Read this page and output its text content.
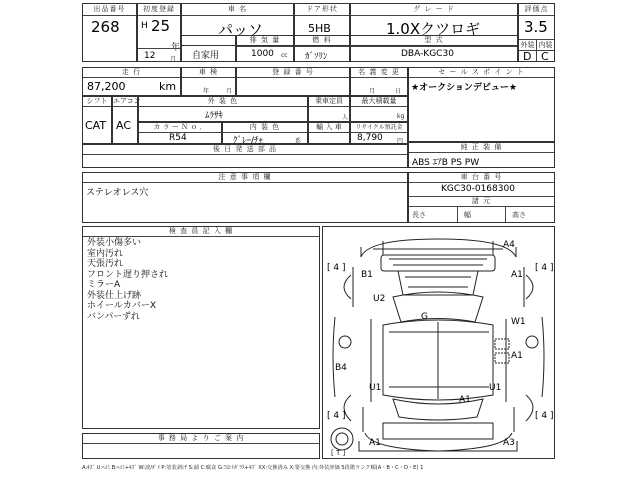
出品番号
268
初度登録
H 25
年
12 月
車 名
パッソ
ドア形状
5HB
グ レ ー ド
1.0Xクツロギ
評価点
3.5
外装 内装
D C
自家用
排 気 量
1000 cc
燃 料
ｶﾞｿﾘﾝ
型 式
DBA-KGC30
走 行
87,200	km
車 検
年	月
登 録 番 号	名 義 変 更
月	日
セ ー ル ス ポ イ ン ト
★オークションデビュー★
シフト
CAT
エアコン
AC
外 装 色
ﾑﾗｻｷ
乗車定員
人
最大積載量
kg
カ ラ ー Ｎ ｏ ．
R54
内 装 色
ｸﾞﾚｰ/ﾁｬ	系
輸 入 車	リサイクル預託金
8,790 円
後 日 発 送 部 品	純 正 装 備
ABS ｴｱB PS PW
注 意 事 項 欄
ステレオレス穴
車 台 番 号
KGC30-0168300
諸 元
長さ	幅	高さ
検 査 員 記 入 欄
外装小傷多い
室内汚れ
天張汚れ
フロント遅り押され
ミラーA
外装仕上げ跡
ホイールカバーX
バンパーずれ
事 務 局 よ り ご 案 内
A4
[ 4 ]	[ 4 ]
B1	A1
U2
G	W1
A1
B4
U1	U1
A1
[ 4 ]	[ 4 ]
A1	A3
[ T ]
A:ｷｽﾞ U:ﾍｺﾐ B:ﾍｺﾐ+ｷｽﾞ W:波/ﾀﾞﾒ P:塗装剥げ S:錆 C:腐食 G:ﾌﾛﾝﾄｶﾞﾗｽ+ｷｽﾞ XX:交換済み X:要交換 内:外装評価 5段階ランク順(A・B・C・D・E) 1
